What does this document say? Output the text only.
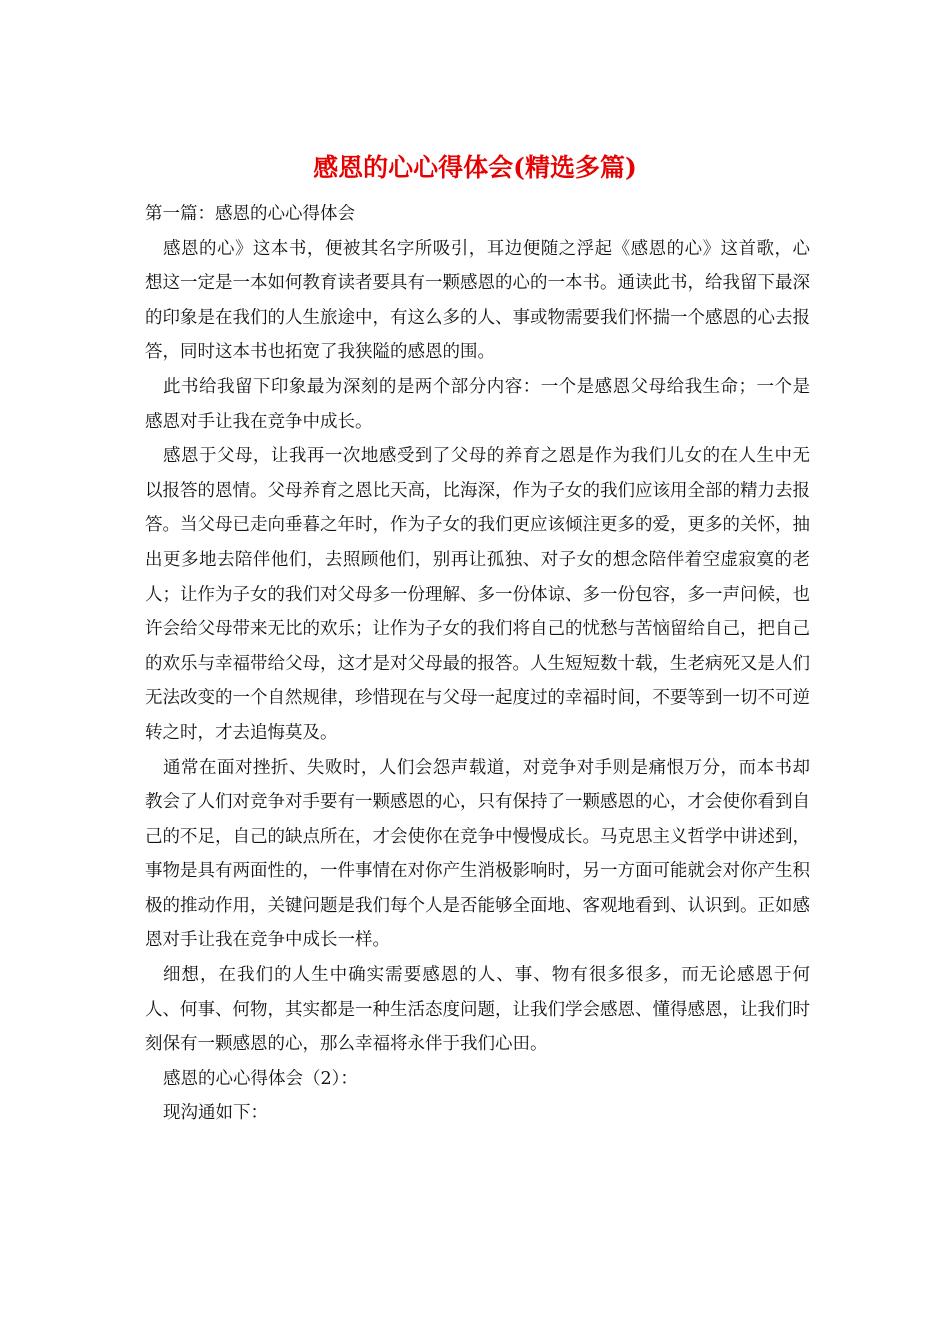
感恩的心心得体会(精选多篇)

第一篇：感恩的心心得体会

感恩的心》这本书，便被其名字所吸引，耳边便随之浮起《感恩的心》这首歌，心想这一定是一本如何教育读者要具有一颗感恩的心的一本书。通读此书，给我留下最深的印象是在我们的人生旅途中，有这么多的人、事或物需要我们怀揣一个感恩的心去报答，同时这本书也拓宽了我狭隘的感恩的围。

此书给我留下印象最为深刻的是两个部分内容：一个是感恩父母给我生命；一个是感恩对手让我在竞争中成长。

感恩于父母，让我再一次地感受到了父母的养育之恩是作为我们儿女的在人生中无以报答的恩情。父母养育之恩比天高，比海深，作为子女的我们应该用全部的精力去报答。当父母已走向垂暮之年时，作为子女的我们更应该倾注更多的爱，更多的关怀，抽出更多地去陪伴他们，去照顾他们，别再让孤独、对子女的想念陪伴着空虚寂寞的老人；让作为子女的我们对父母多一份理解、多一份体谅、多一份包容，多一声问候，也许会给父母带来无比的欢乐；让作为子女的我们将自己的忧愁与苦恼留给自己，把自己的欢乐与幸福带给父母，这才是对父母最的报答。人生短短数十载，生老病死又是人们无法改变的一个自然规律，珍惜现在与父母一起度过的幸福时间，不要等到一切不可逆转之时，才去追悔莫及。

通常在面对挫折、失败时，人们会怨声载道，对竞争对手则是痛恨万分，而本书却教会了人们对竞争对手要有一颗感恩的心，只有保持了一颗感恩的心，才会使你看到自己的不足，自己的缺点所在，才会使你在竞争中慢慢成长。马克思主义哲学中讲述到，事物是具有两面性的，一件事情在对你产生消极影响时，另一方面可能就会对你产生积极的推动作用，关键问题是我们每个人是否能够全面地、客观地看到、认识到。正如感恩对手让我在竞争中成长一样。

细想，在我们的人生中确实需要感恩的人、事、物有很多很多，而无论感恩于何人、何事、何物，其实都是一种生活态度问题，让我们学会感恩、懂得感恩，让我们时刻保有一颗感恩的心，那么幸福将永伴于我们心田。

感恩的心心得体会（2）：

现沟通如下：
